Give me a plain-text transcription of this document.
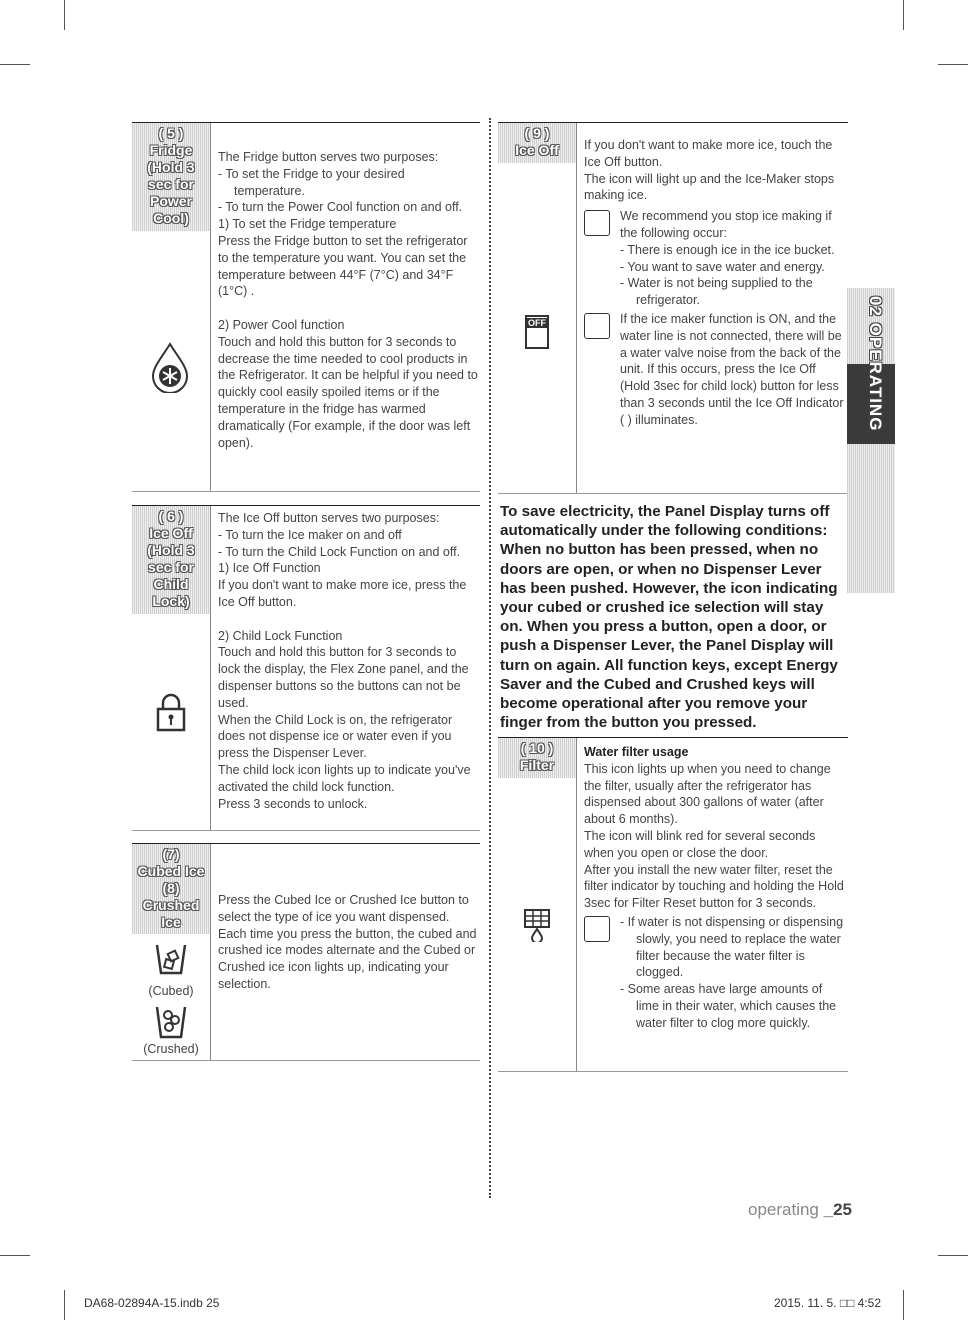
( 5 )
Fridge
(Hold 3
sec for
Power
Cool)

The Fridge button serves two purposes:

- To set the Fridge to your desired temperature.

- To turn the Power Cool function on and off.

1) To set the Fridge temperature

Press the Fridge button to set the refrigerator to the temperature you want. You can set the temperature between 44°F (7°C) and 34°F (1°C) .

2) Power Cool function

Touch and hold this button for 3 seconds to decrease the time needed to cool products in the Refrigerator. It can be helpful if you need to quickly cool easily spoiled items or if the temperature in the fridge has warmed dramatically (For example, if the door was left open).

( 6 )
Ice Off
(Hold 3
sec for
Child
Lock)

The Ice Off button serves two purposes:

- To turn the Ice maker on and off

- To turn the Child Lock Function on and off.

1) Ice Off Function

If you don't want to make more ice, press the Ice Off button.

2) Child Lock Function

Touch and hold this button for 3 seconds to lock the display, the Flex Zone panel, and the dispenser buttons so the buttons can not be used.

When the Child Lock is on, the refrigerator does not dispense ice or water even if you press the Dispenser Lever.

The child lock icon lights up to indicate you've activated the child lock function.

Press 3 seconds to unlock.

(7)
Cubed Ice
(8)
Crushed
Ice
(Cubed)
(Crushed)

Press the Cubed Ice or Crushed Ice button to select the type of ice you want dispensed.

Each time you press the button, the cubed and crushed ice modes alternate and the Cubed or Crushed ice icon lights up, indicating your selection.

( 9 )
Ice Off
OFF

If you don't want to make more ice, touch the Ice Off button.

The icon will light up and the Ice-Maker stops making ice.

We recommend you stop ice making if the following occur:

- There is enough ice in the ice bucket.

- You want to save water and energy.

- Water is not being supplied to the refrigerator.

If the ice maker function is ON, and the water line is not connected, there will be a water valve noise from the back of the unit. If this occurs, press the Ice Off (Hold 3sec for child lock) button for less than 3 seconds until the Ice Off Indicator ( ) illuminates.

To save electricity, the Panel Display turns off automatically under the following conditions: When no button has been pressed, when no doors are open, or when no Dispenser Lever has been pushed. However, the icon indicating your cubed or crushed ice selection will stay on. When you press a button, open a door, or push a Dispenser Lever, the Panel Display will turn on again. All function keys, except Energy Saver and the Cubed and Crushed keys will become operational after you remove your finger from the button you pressed.
( 10 )
Filter

Water filter usage

This icon lights up when you need to change the filter, usually after the refrigerator has dispensed about 300 gallons of water (after about 6 months).

The icon will blink red for several seconds when you open or close the door.

After you install the new water filter, reset the filter indicator by touching and holding the Hold 3sec for Filter Reset button for 3 seconds.

- If water is not dispensing or dispensing slowly, you need to replace the water filter because the water filter is clogged.

- Some areas have large amounts of lime in their water, which causes the water filter to clog more quickly.

02 OPERATING
operating _25
DA68-02894A-15.indb 25	2015. 11. 5. □□ 4:52
